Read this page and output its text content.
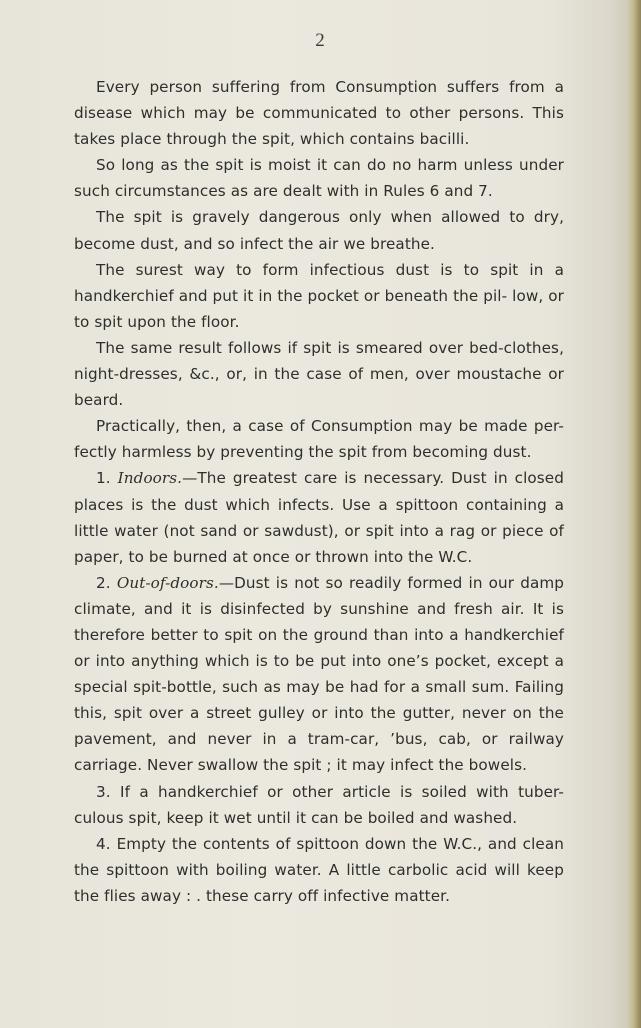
2

Every person suffering from Consumption suffers from a disease which may be communicated to other persons. This takes place through the spit, which contains bacilli.

So long as the spit is moist it can do no harm unless under such circumstances as are dealt with in Rules 6 and 7.

The spit is gravely dangerous only when allowed to dry, become dust, and so infect the air we breathe.

The surest way to form infectious dust is to spit in a handkerchief and put it in the pocket or beneath the pil- low, or to spit upon the floor.

The same result follows if spit is smeared over bed-clothes, night-dresses, &c., or, in the case of men, over moustache or beard.

Practically, then, a case of Consumption may be made per- fectly harmless by preventing the spit from becoming dust.

1. Indoors.—The greatest care is necessary. Dust in closed places is the dust which infects. Use a spittoon containing a little water (not sand or sawdust), or spit into a rag or piece of paper, to be burned at once or thrown into the W.C.

2. Out-of-doors.—Dust is not so readily formed in our damp climate, and it is disinfected by sunshine and fresh air. It is therefore better to spit on the ground than into a handkerchief or into anything which is to be put into one’s pocket, except a special spit-bottle, such as may be had for a small sum. Failing this, spit over a street gulley or into the gutter, never on the pavement, and never in a tram-car, ’bus, cab, or railway carriage. Never swallow the spit ; it may infect the bowels.

3. If a handkerchief or other article is soiled with tuber- culous spit, keep it wet until it can be boiled and washed.

4. Empty the contents of spittoon down the W.C., and clean the spittoon with boiling water. A little carbolic acid will keep the flies away : . these carry off infective matter.
